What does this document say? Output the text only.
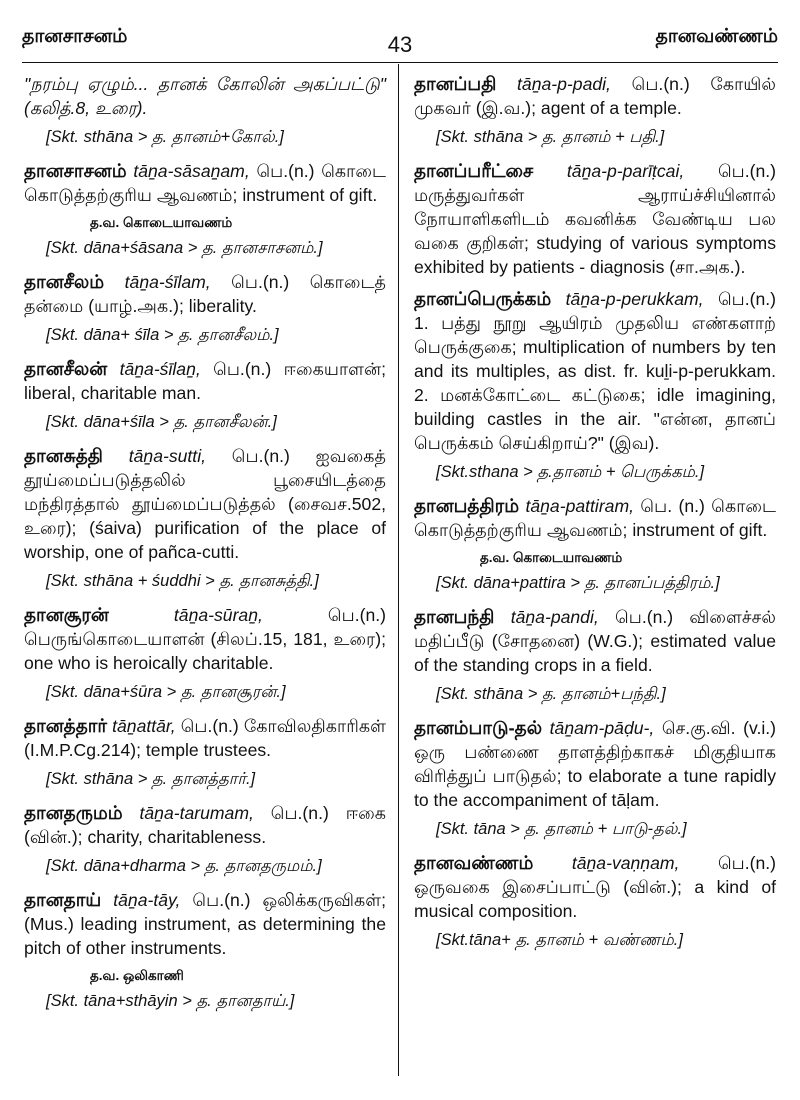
தானசாசனம்	43	தானவண்ணம்
"நரம்பு ஏழும்... தானக் கோலின் அகப்பட்டு" (கலித்.8, உரை).
[Skt. sthāna > த. தானம்+கோல்.]

தானசாசனம் tāṉa-sāsaṉam, பெ.(n.) கொடை கொடுத்தற்குரிய ஆவணம்; instrument of gift.

த.வ. கொடையாவணம்
[Skt. dāna+śāsana > த. தானசாசனம்.]

தானசீலம் tāṉa-śīlam, பெ.(n.) கொடைத் தன்மை (யாழ்.அக.); liberality.

[Skt. dāna+ śīla > த. தானசீலம்.]

தானசீலன் tāṉa-śīlaṉ, பெ.(n.) ஈகையாளன்; liberal, charitable man.

[Skt. dāna+śīla > த. தானசீலன்.]

தானசுத்தி tāṉa-sutti, பெ.(n.) ஐவகைத் தூய்மைப்படுத்தலில் பூசையிடத்தை மந்திரத்தால் தூய்மைப்படுத்தல் (சைவச.502, உரை); (śaiva) purification of the place of worship, one of pañca-cutti.

[Skt. sthāna + śuddhi > த. தானசுத்தி.]

தானசூரன்	tāṉa-sūraṉ,	பெ.(n.) பெருங்கொடையாளன் (சிலப்.15, 181, உரை); one who is heroically charitable.

[Skt. dāna+śūra > த. தானசூரன்.]

தானத்தார் tāṉattār, பெ.(n.) கோவிலதிகாரிகள் (I.M.P.Cg.214); temple trustees.

[Skt. sthāna > த. தானத்தார்.]

தானதருமம் tāṉa-tarumam, பெ.(n.) ஈகை (வின்.); charity, charitableness.

[Skt. dāna+dharma > த. தானதருமம்.]

தானதாய் tāṉa-tāy, பெ.(n.) ஒலிக்கருவிகள்; (Mus.) leading instrument, as determining the pitch of other instruments.

த.வ. ஒலிகாணி
[Skt. tāna+sthāyin > த. தானதாய்.]

தானப்பதி tāṉa-p-padi, பெ.(n.) கோயில் முகவர் (இ.வ.); agent of a temple.

[Skt. sthāna > த. தானம் + பதி.]

தானப்பரீட்சை tāṉa-p-parīṭcai, பெ.(n.) மருத்துவர்கள் ஆராய்ச்சியினால் நோயாளிகளிடம் கவனிக்க வேண்டிய பல வகை குறிகள்; studying of various symptoms exhibited by patients - diagnosis (சா.அக.).

தானப்பெருக்கம் tāṉa-p-perukkam, பெ.(n.) 1. பத்து நூறு ஆயிரம் முதலிய எண்களாற் பெருக்குகை; multiplication of numbers by ten and its multiples, as dist. fr. kuḻi-p-perukkam. 2. மனக்கோட்டை கட்டுகை; idle imagining, building castles in the air. "என்ன, தானப் பெருக்கம் செய்கிறாய்?" (இவ).

[Skt.sthana > த.தானம் + பெருக்கம்.]

தானபத்திரம் tāṉa-pattiram, பெ. (n.) கொடை கொடுத்தற்குரிய ஆவணம்; instrument of gift.

த.வ. கொடையாவணம்
[Skt. dāna+pattira > த. தானப்பத்திரம்.]

தானபந்தி tāṉa-pandi, பெ.(n.) விளைச்சல் மதிப்பீடு (சோதனை) (W.G.); estimated value of the standing crops in a field.

[Skt. sthāna > த. தானம்+பந்தி.]

தானம்பாடு-தல் tāṉam-pāḍu-, செ.கு.வி. (v.i.) ஒரு பண்ணை தாளத்திற்காகச் மிகுதியாக விரித்துப் பாடுதல்; to elaborate a tune rapidly to the accompaniment of tāḷam.

[Skt. tāna > த. தானம் + பாடு-தல்.]

தானவண்ணம் tāṉa-vaṇṇam, பெ.(n.) ஒருவகை இசைப்பாட்டு (வின்.); a kind of musical composition.

[Skt.tāna+ த. தானம் + வண்ணம்.]
